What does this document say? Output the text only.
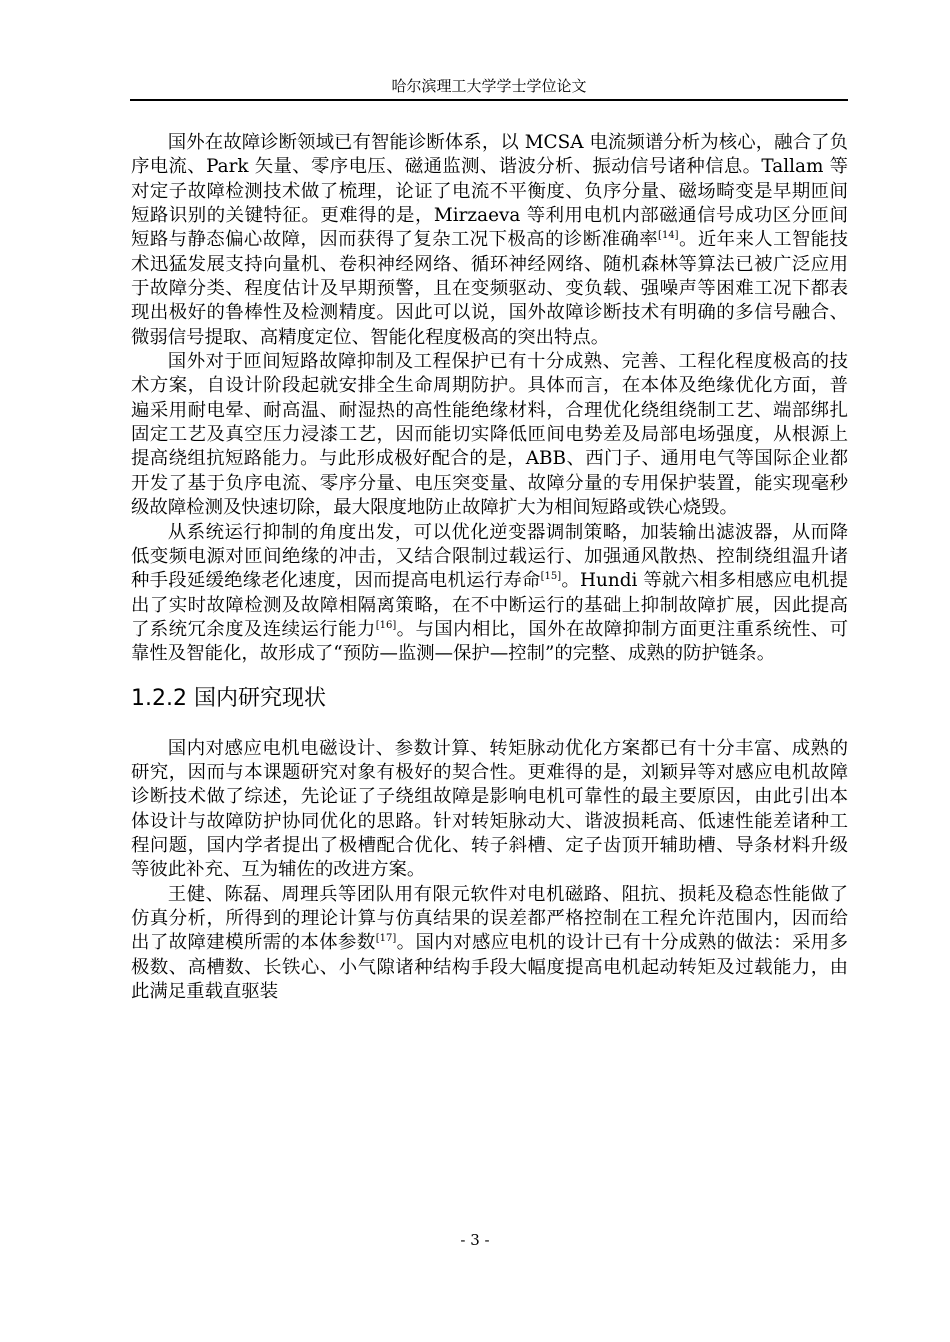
哈尔滨理工大学学士学位论文

国外在故障诊断领域已有智能诊断体系，以 MCSA 电流频谱分析为核心，融合了负序电流、Park 矢量、零序电压、磁通监测、谐波分析、振动信号诸种信息。Tallam 等对定子故障检测技术做了梳理，论证了电流不平衡度、负序分量、磁场畸变是早期匝间短路识别的关键特征。更难得的是，Mirzaeva 等利用电机内部磁通信号成功区分匝间短路与静态偏心故障，因而获得了复杂工况下极高的诊断准确率[14]。近年来人工智能技术迅猛发展支持向量机、卷积神经网络、循环神经网络、随机森林等算法已被广泛应用于故障分类、程度估计及早期预警，且在变频驱动、变负载、强噪声等困难工况下都表现出极好的鲁棒性及检测精度。因此可以说，国外故障诊断技术有明确的多信号融合、微弱信号提取、高精度定位、智能化程度极高的突出特点。

国外对于匝间短路故障抑制及工程保护已有十分成熟、完善、工程化程度极高的技术方案，自设计阶段起就安排全生命周期防护。具体而言，在本体及绝缘优化方面，普遍采用耐电晕、耐高温、耐湿热的高性能绝缘材料，合理优化绕组绕制工艺、端部绑扎固定工艺及真空压力浸漆工艺，因而能切实降低匝间电势差及局部电场强度，从根源上提高绕组抗短路能力。与此形成极好配合的是，ABB、西门子、通用电气等国际企业都开发了基于负序电流、零序分量、电压突变量、故障分量的专用保护装置，能实现毫秒级故障检测及快速切除，最大限度地防止故障扩大为相间短路或铁心烧毁。

从系统运行抑制的角度出发，可以优化逆变器调制策略，加装输出滤波器，从而降低变频电源对匝间绝缘的冲击，又结合限制过载运行、加强通风散热、控制绕组温升诸种手段延缓绝缘老化速度，因而提高电机运行寿命[15]。Hundi 等就六相多相感应电机提出了实时故障检测及故障相隔离策略，在不中断运行的基础上抑制故障扩展，因此提高了系统冗余度及连续运行能力[16]。与国内相比，国外在故障抑制方面更注重系统性、可靠性及智能化，故形成了“预防—监测—保护—控制”的完整、成熟的防护链条。

1.2.2 国内研究现状

国内对感应电机电磁设计、参数计算、转矩脉动优化方案都已有十分丰富、成熟的研究，因而与本课题研究对象有极好的契合性。更难得的是，刘颖异等对感应电机故障诊断技术做了综述，先论证了子绕组故障是影响电机可靠性的最主要原因，由此引出本体设计与故障防护协同优化的思路。针对转矩脉动大、谐波损耗高、低速性能差诸种工程问题，国内学者提出了极槽配合优化、转子斜槽、定子齿顶开辅助槽、导条材料升级等彼此补充、互为辅佐的改进方案。

王健、陈磊、周理兵等团队用有限元软件对电机磁路、阻抗、损耗及稳态性能做了仿真分析，所得到的理论计算与仿真结果的误差都严格控制在工程允许范围内，因而给出了故障建模所需的本体参数[17]。国内对感应电机的设计已有十分成熟的做法：采用多极数、高槽数、长铁心、小气隙诸种结构手段大幅度提高电机起动转矩及过载能力，由此满足重载直驱装

- 3 -
